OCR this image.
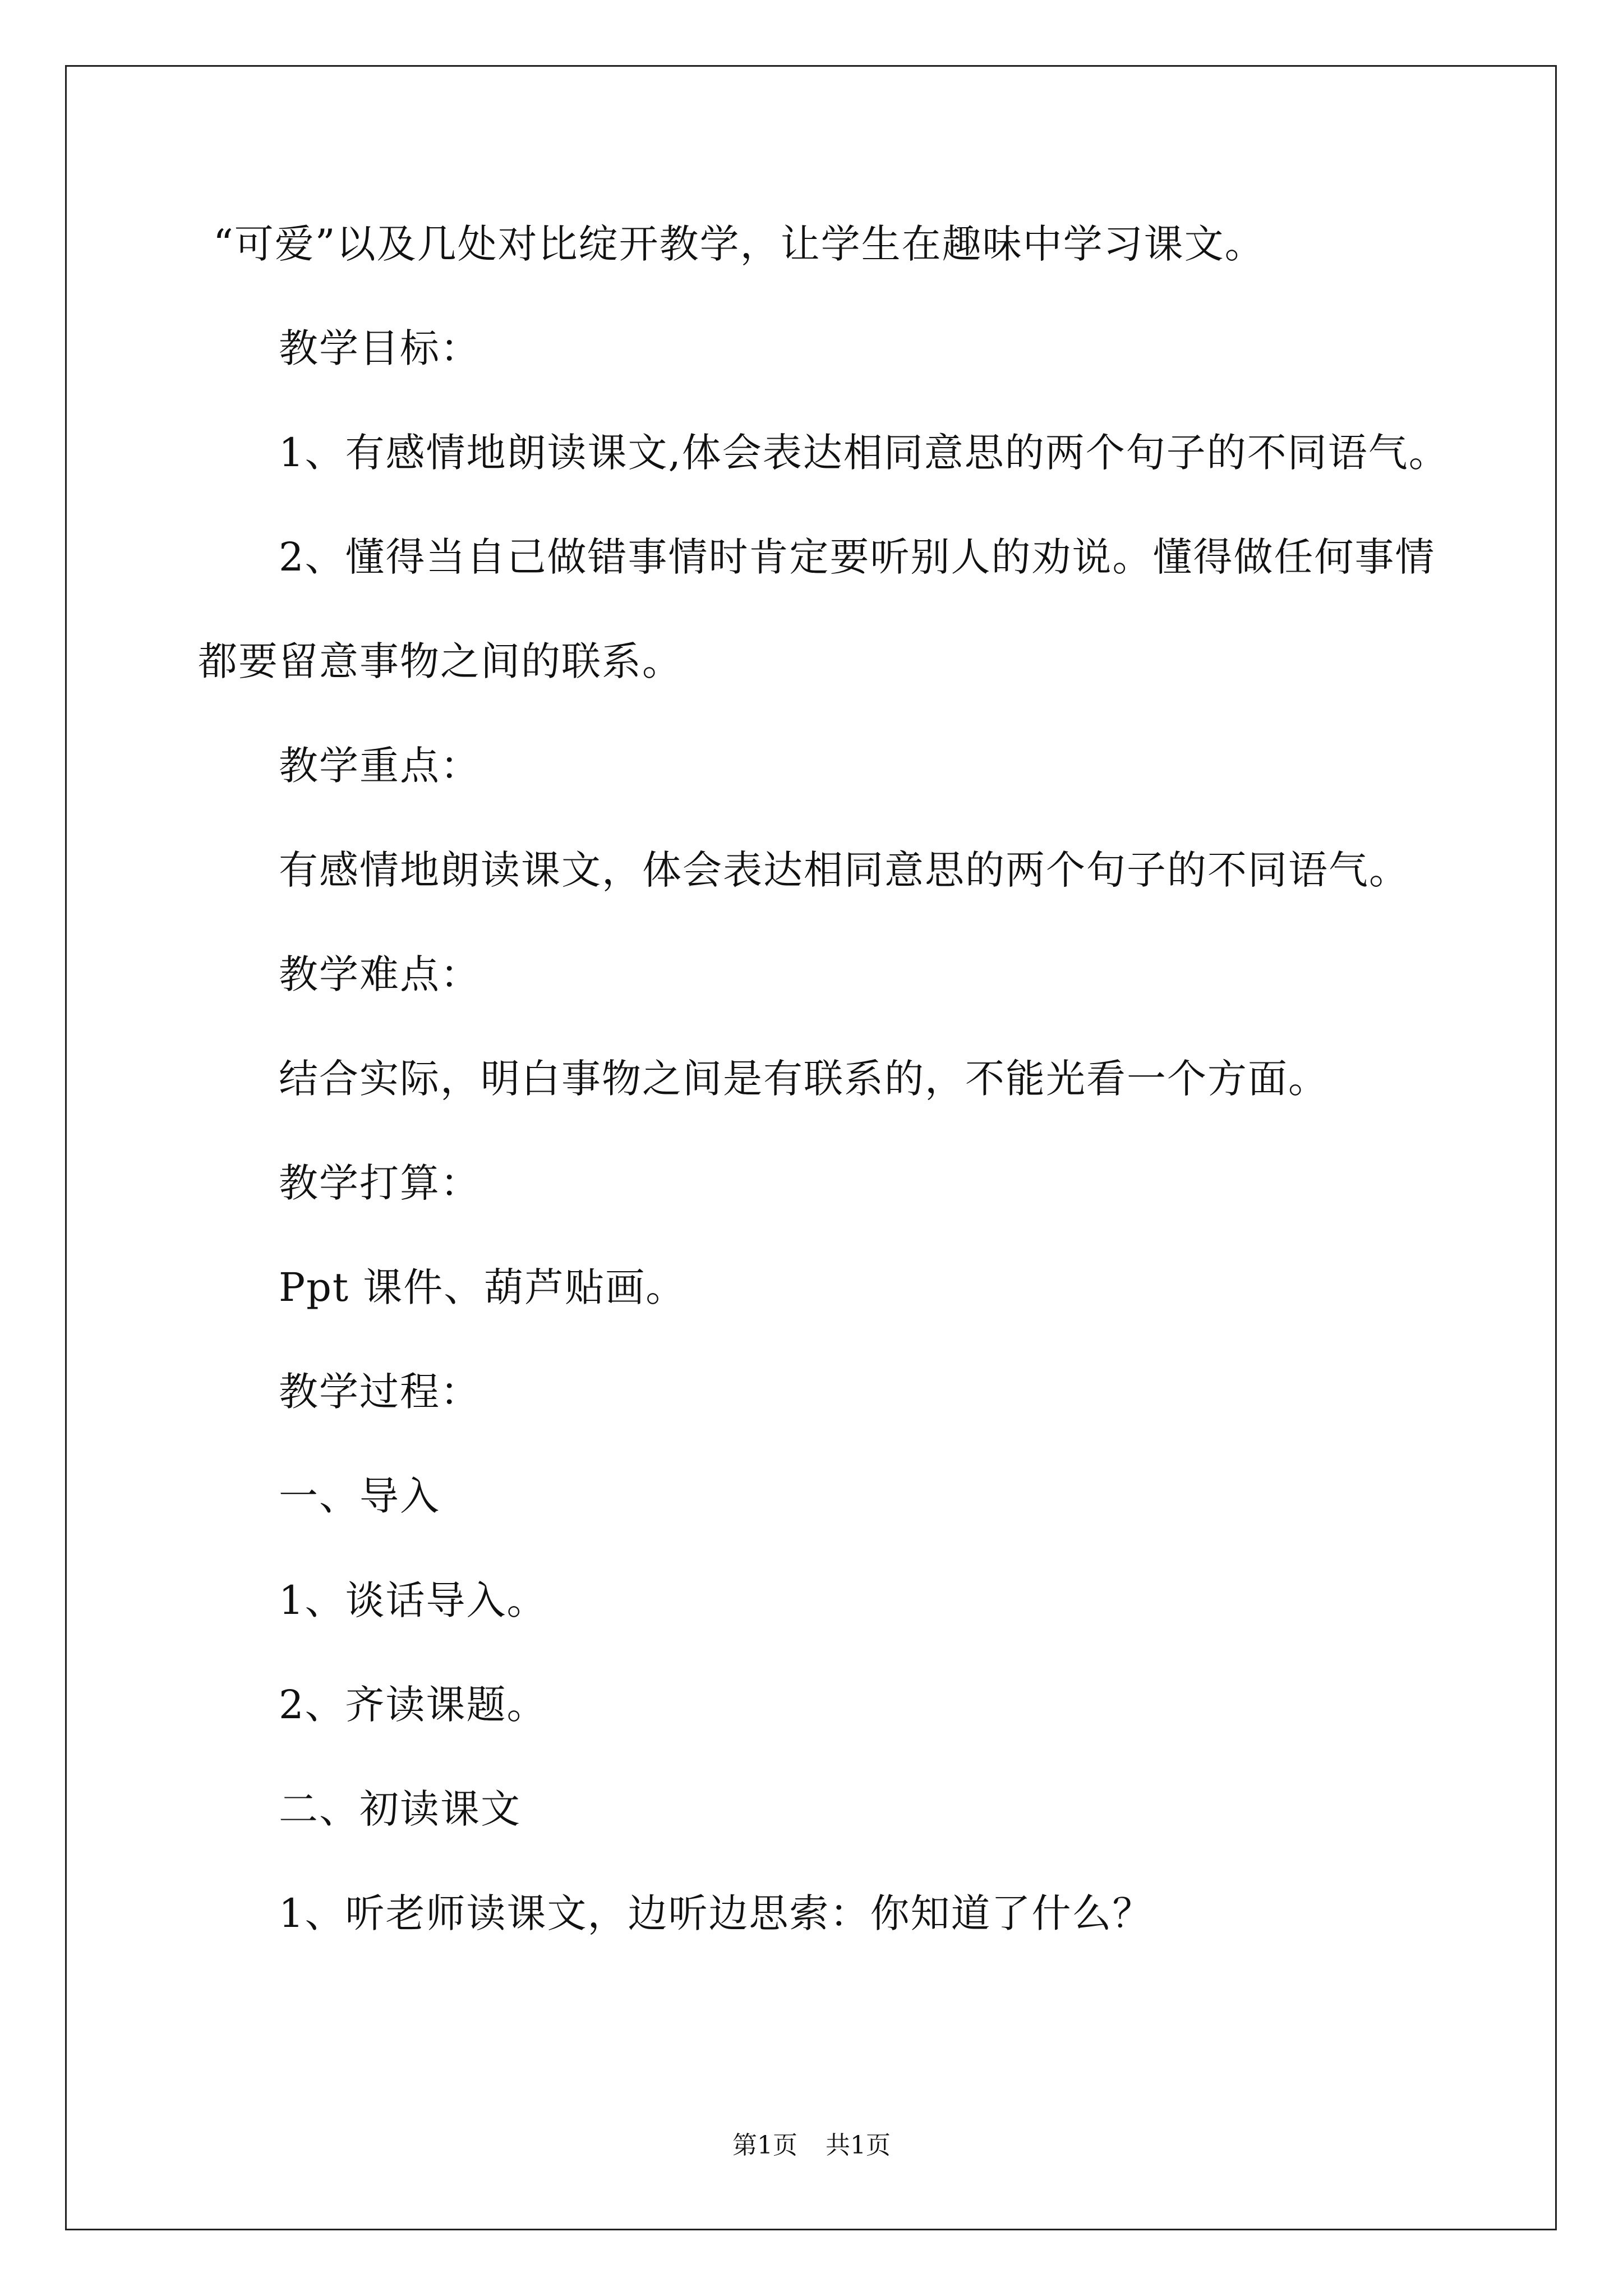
“可爱”以及几处对比绽开教学，让学生在趣味中学习课文。
教学目标：
1、有感情地朗读课文,体会表达相同意思的两个句子的不同语气。
2、懂得当自己做错事情时肯定要听别人的劝说。懂得做任何事情
都要留意事物之间的联系。
教学重点：
有感情地朗读课文，体会表达相同意思的两个句子的不同语气。
教学难点：
结合实际，明白事物之间是有联系的，不能光看一个方面。
教学打算：
Ppt 课件、葫芦贴画。
教学过程：
一、导入
1、谈话导入。
2、齐读课题。
二、初读课文
1、听老师读课文，边听边思索：你知道了什么？
第1页 共1页
